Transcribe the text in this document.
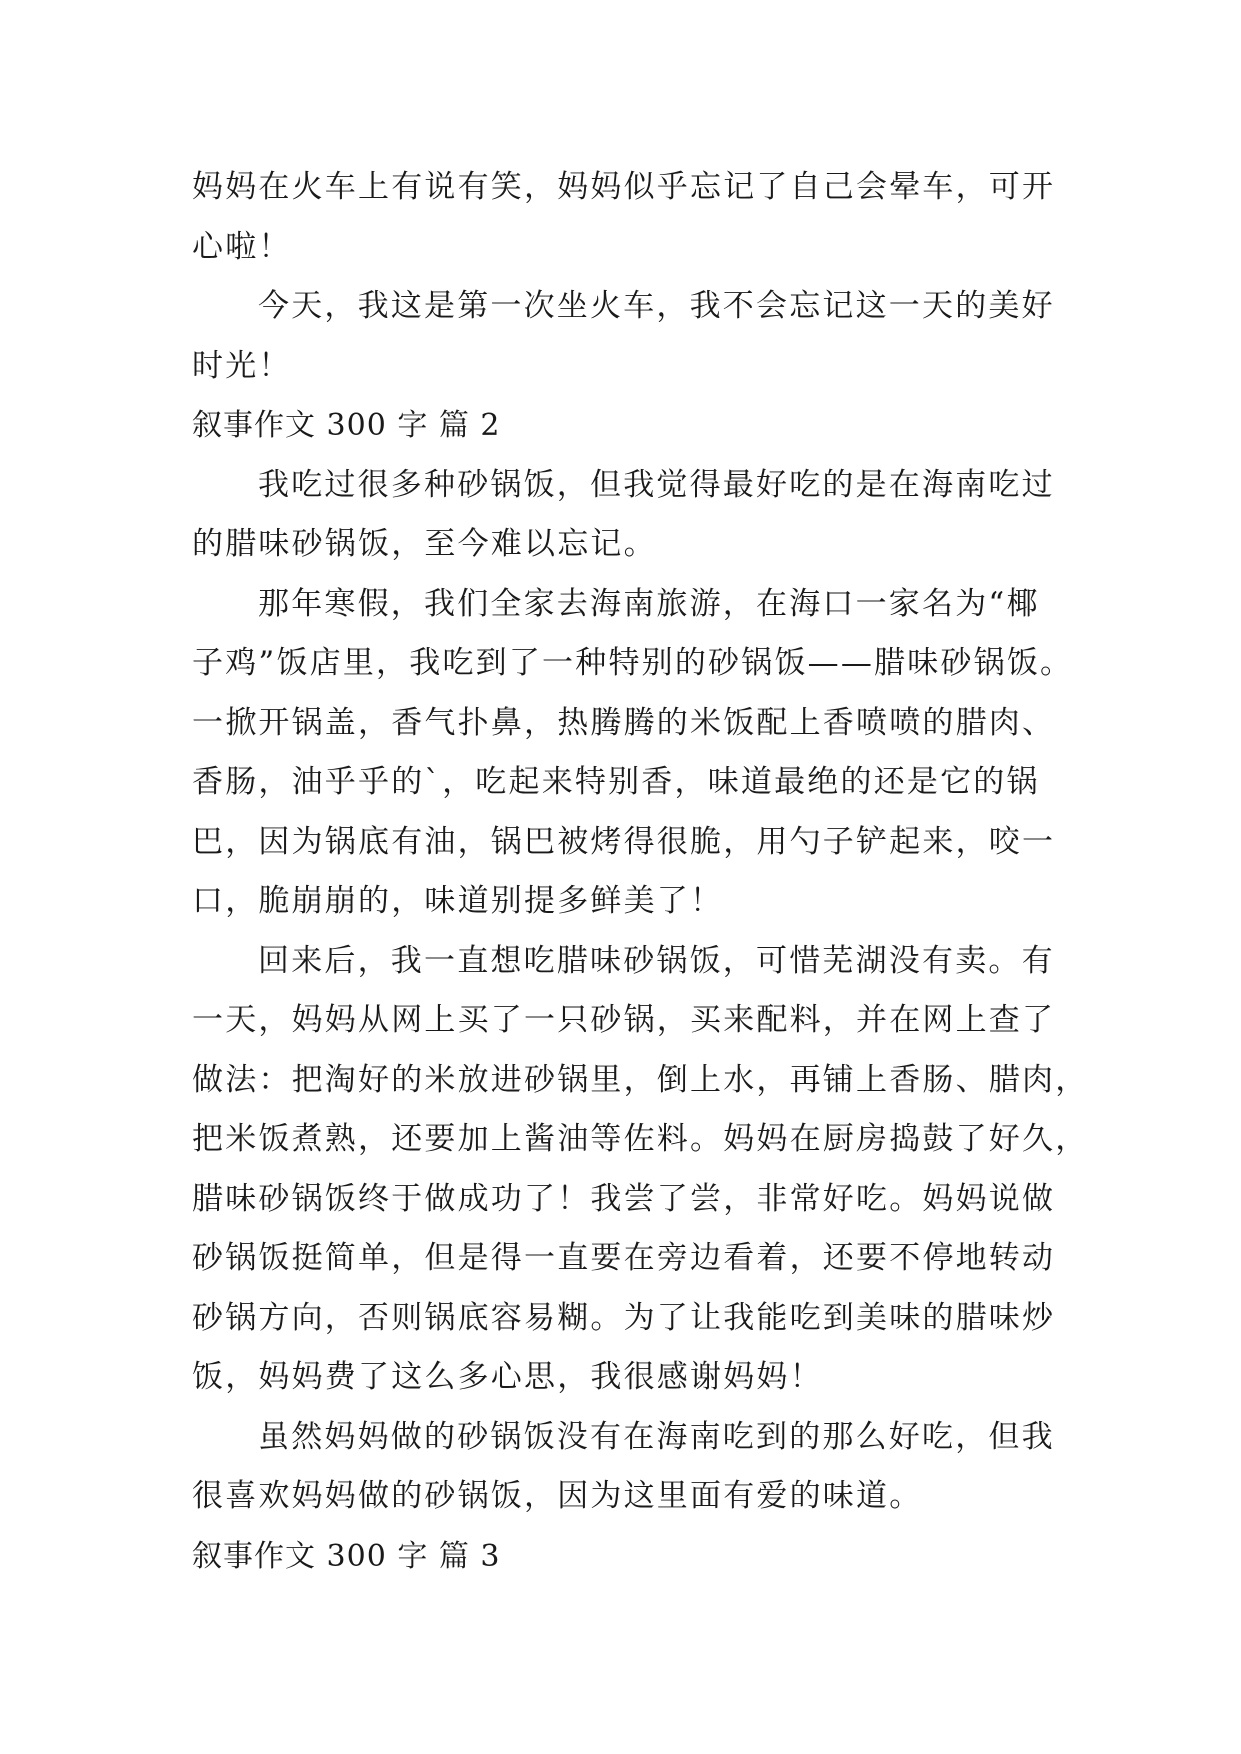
妈妈在火车上有说有笑，妈妈似乎忘记了自己会晕车，可开
心啦！
今天，我这是第一次坐火车，我不会忘记这一天的美好
时光！
叙事作文 300 字 篇 2
我吃过很多种砂锅饭，但我觉得最好吃的是在海南吃过
的腊味砂锅饭，至今难以忘记。
那年寒假，我们全家去海南旅游，在海口一家名为“椰
子鸡”饭店里，我吃到了一种特别的砂锅饭——腊味砂锅饭。
一掀开锅盖，香气扑鼻，热腾腾的米饭配上香喷喷的腊肉、
香肠，油乎乎的`，吃起来特别香，味道最绝的还是它的锅
巴，因为锅底有油，锅巴被烤得很脆，用勺子铲起来，咬一
口，脆崩崩的，味道别提多鲜美了！
回来后，我一直想吃腊味砂锅饭，可惜芜湖没有卖。有
一天，妈妈从网上买了一只砂锅，买来配料，并在网上查了
做法：把淘好的米放进砂锅里，倒上水，再铺上香肠、腊肉，
把米饭煮熟，还要加上酱油等佐料。妈妈在厨房捣鼓了好久，
腊味砂锅饭终于做成功了！我尝了尝，非常好吃。妈妈说做
砂锅饭挺简单，但是得一直要在旁边看着，还要不停地转动
砂锅方向，否则锅底容易糊。为了让我能吃到美味的腊味炒
饭，妈妈费了这么多心思，我很感谢妈妈！
虽然妈妈做的砂锅饭没有在海南吃到的那么好吃，但我
很喜欢妈妈做的砂锅饭，因为这里面有爱的味道。
叙事作文 300 字 篇 3
